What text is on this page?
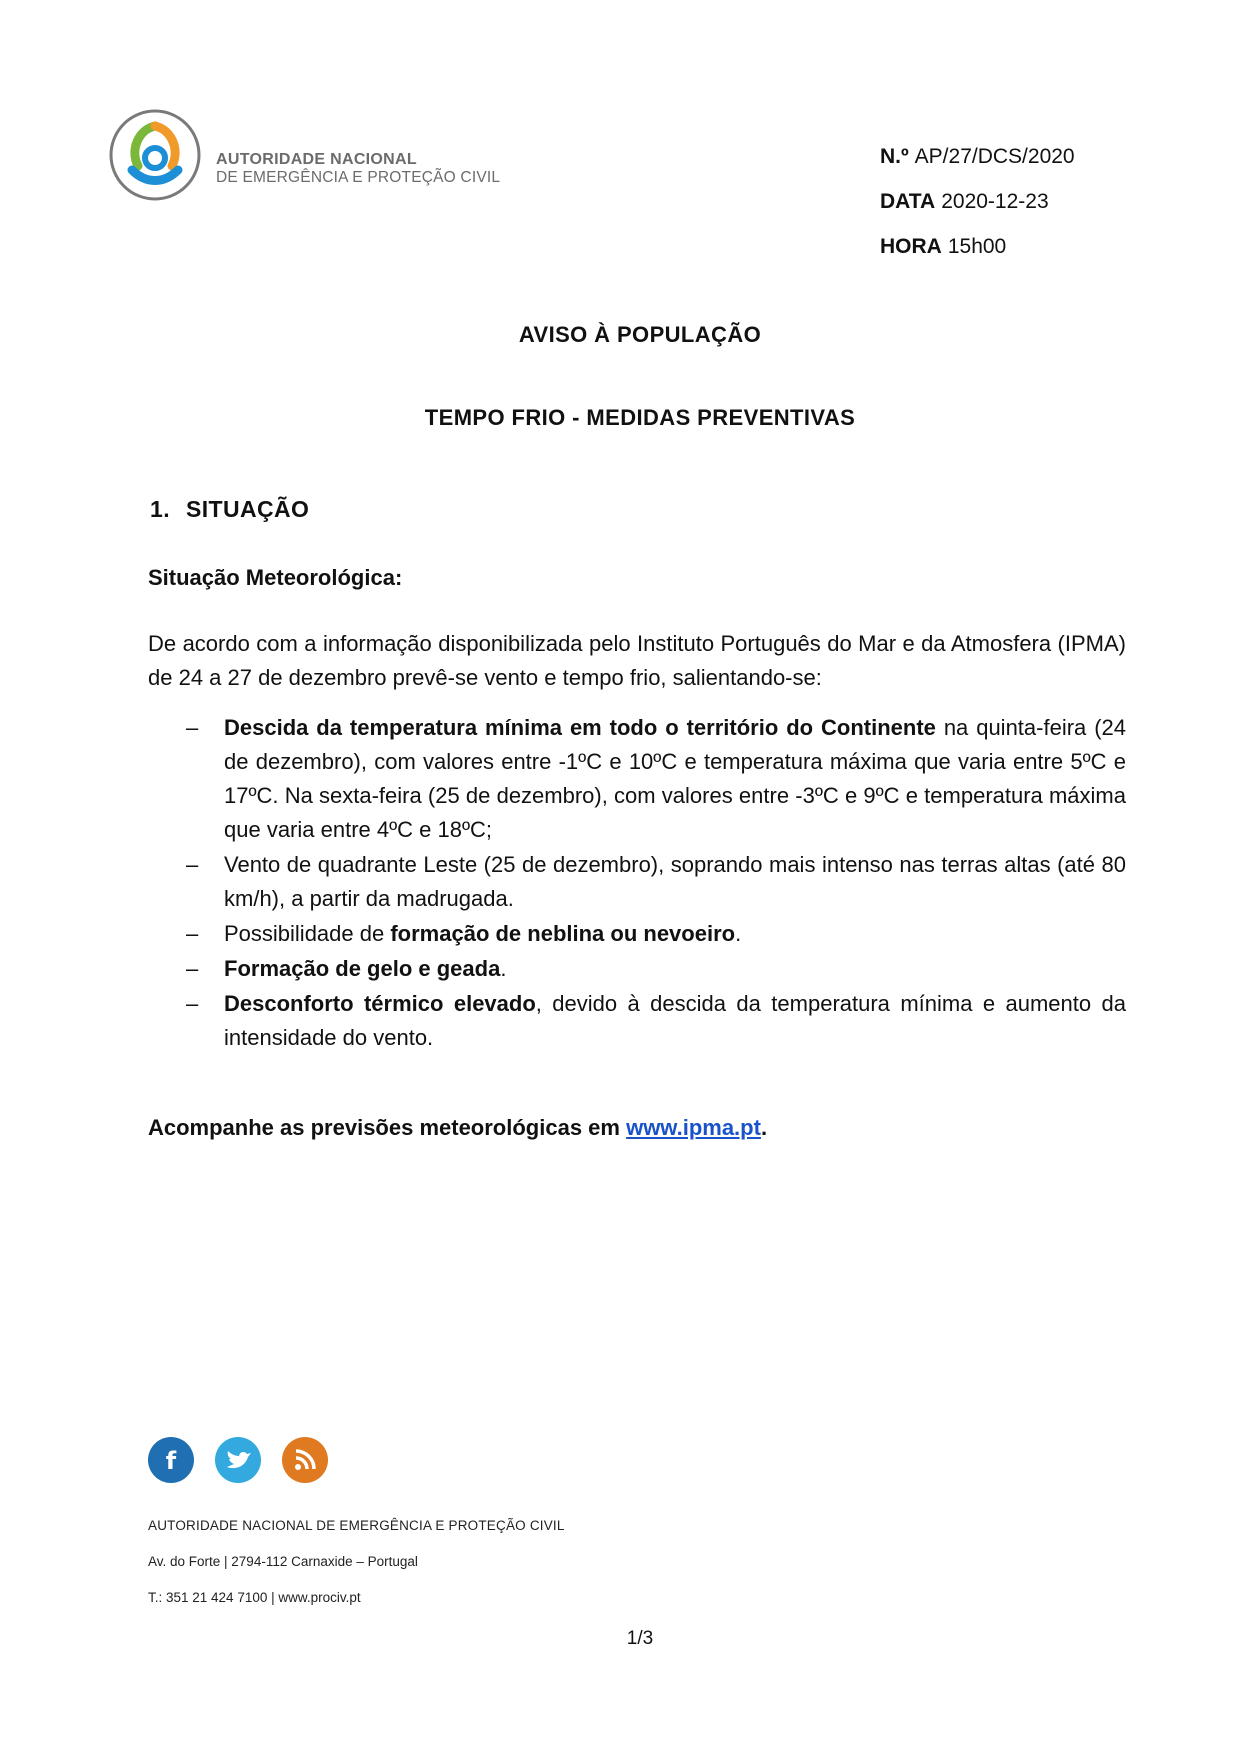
AUTORIDADE NACIONAL
DE EMERGÊNCIA E PROTEÇÃO CIVIL
N.º AP/27/DCS/2020
DATA 2020-12-23
HORA 15h00
AVISO À POPULAÇÃO
TEMPO FRIO - MEDIDAS PREVENTIVAS
1. SITUAÇÃO
Situação Meteorológica:
De acordo com a informação disponibilizada pelo Instituto Português do Mar e da Atmosfera (IPMA) de 24 a 27 de dezembro prevê-se vento e tempo frio, salientando-se:
– Descida da temperatura mínima em todo o território do Continente na quinta-feira (24 de dezembro), com valores entre -1ºC e 10ºC e temperatura máxima que varia entre 5ºC e 17ºC. Na sexta-feira (25 de dezembro), com valores entre -3ºC e 9ºC e temperatura máxima que varia entre 4ºC e 18ºC;
– Vento de quadrante Leste (25 de dezembro), soprando mais intenso nas terras altas (até 80 km/h), a partir da madrugada.
– Possibilidade de formação de neblina ou nevoeiro.
– Formação de gelo e geada.
– Desconforto térmico elevado, devido à descida da temperatura mínima e aumento da intensidade do vento.
Acompanhe as previsões meteorológicas em www.ipma.pt.
f
AUTORIDADE NACIONAL DE EMERGÊNCIA E PROTEÇÃO CIVIL
Av. do Forte | 2794-112 Carnaxide – Portugal
T.: 351 21 424 7100 | www.prociv.pt
1/3
